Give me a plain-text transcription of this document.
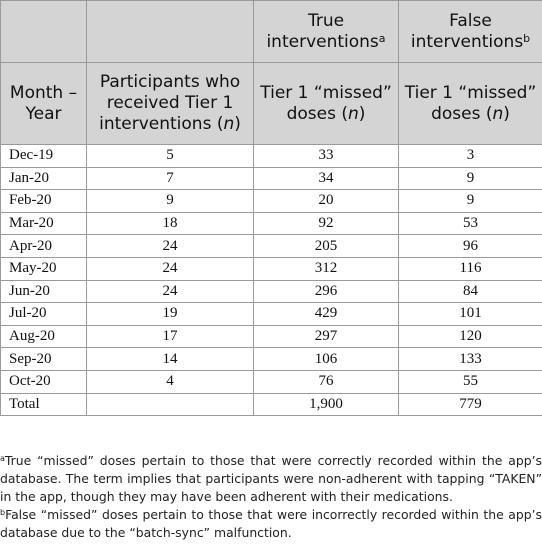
		True interventions$^a$	False interventions$^b$
Month – Year	Participants who received Tier 1 interventions (n)	Tier 1 “missed” doses (n)	Tier 1 “missed” doses (n)
Dec-19	5	33	3
Jan-20	7	34	9
Feb-20	9	20	9
Mar-20	18	92	53
Apr-20	24	205	96
May-20	24	312	116
Jun-20	24	296	84
Jul-20	19	429	101
Aug-20	17	297	120
Sep-20	14	106	133
Oct-20	4	76	55
Total		1,900	779

$^a$True “missed” doses pertain to those that were correctly recorded within the app’s database. The term implies that participants were non-adherent with tapping “TAKEN” in the app, though they may have been adherent with their medications.

$^b$False “missed” doses pertain to those that were incorrectly recorded within the app’s database due to the “batch-sync” malfunction.
